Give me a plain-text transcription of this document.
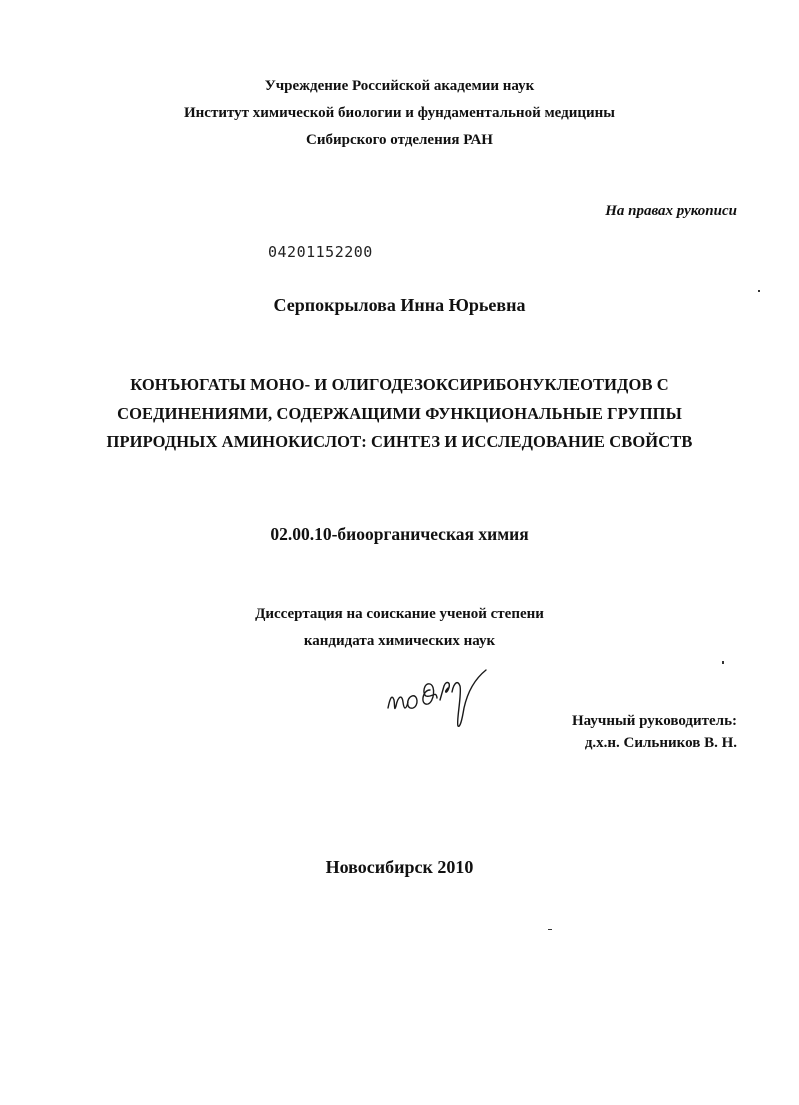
Учреждение Российской академии наук
Институт химической биологии и фундаментальной медицины
Сибирского отделения РАН
На правах рукописи
04201152200
Серпокрылова Инна Юрьевна
КОНЪЮГАТЫ МОНО- И ОЛИГОДЕЗОКСИРИБОНУКЛЕОТИДОВ С
СОЕДИНЕНИЯМИ, СОДЕРЖАЩИМИ ФУНКЦИОНАЛЬНЫЕ ГРУППЫ
ПРИРОДНЫХ АМИНОКИСЛОТ: СИНТЕЗ И ИССЛЕДОВАНИЕ СВОЙСТВ
02.00.10-биоорганическая химия
Диссертация на соискание ученой степени
кандидата химических наук
Научный руководитель:
д.х.н. Сильников В. Н.
Новосибирск 2010
